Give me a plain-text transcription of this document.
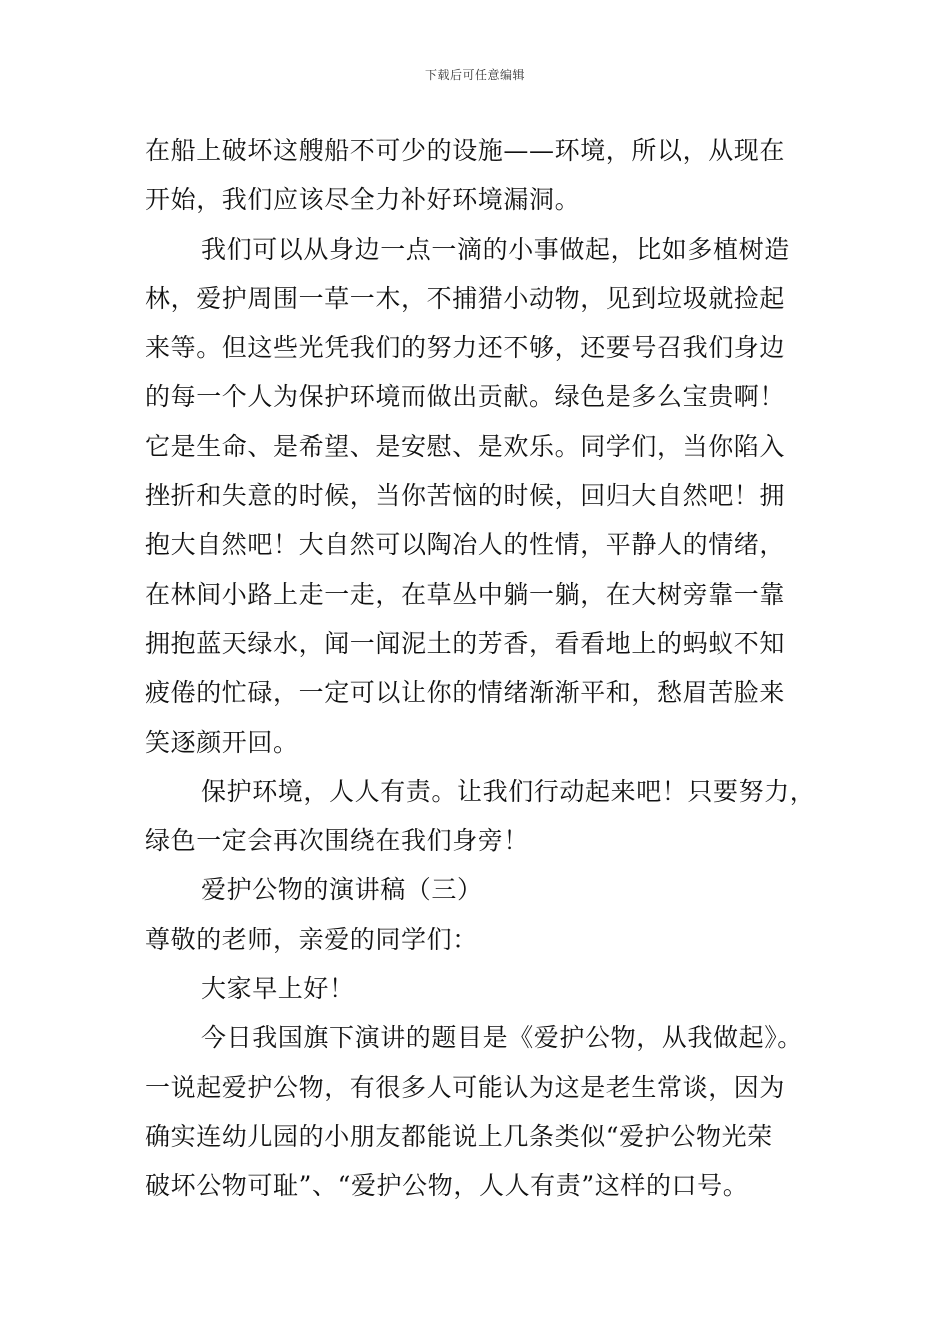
下载后可任意编辑
在船上破坏这艘船不可少的设施——环境，所以，从现在
开始，我们应该尽全力补好环境漏洞。
我们可以从身边一点一滴的小事做起，比如多植树造
林，爱护周围一草一木，不捕猎小动物，见到垃圾就捡起
来等。但这些光凭我们的努力还不够，还要号召我们身边
的每一个人为保护环境而做出贡献。绿色是多么宝贵啊！
它是生命、是希望、是安慰、是欢乐。同学们，当你陷入
挫折和失意的时候，当你苦恼的时候，回归大自然吧！拥
抱大自然吧！大自然可以陶冶人的性情，平静人的情绪，
在林间小路上走一走，在草丛中躺一躺，在大树旁靠一靠
拥抱蓝天绿水，闻一闻泥土的芳香，看看地上的蚂蚁不知
疲倦的忙碌，一定可以让你的情绪渐渐平和，愁眉苦脸来
笑逐颜开回。
保护环境，人人有责。让我们行动起来吧！只要努力，
绿色一定会再次围绕在我们身旁！
爱护公物的演讲稿（三）
尊敬的老师，亲爱的同学们：
大家早上好！
今日我国旗下演讲的题目是《爱护公物，从我做起》。
一说起爱护公物，有很多人可能认为这是老生常谈，因为
确实连幼儿园的小朋友都能说上几条类似“爱护公物光荣
破坏公物可耻”、“爱护公物，人人有责”这样的口号。
